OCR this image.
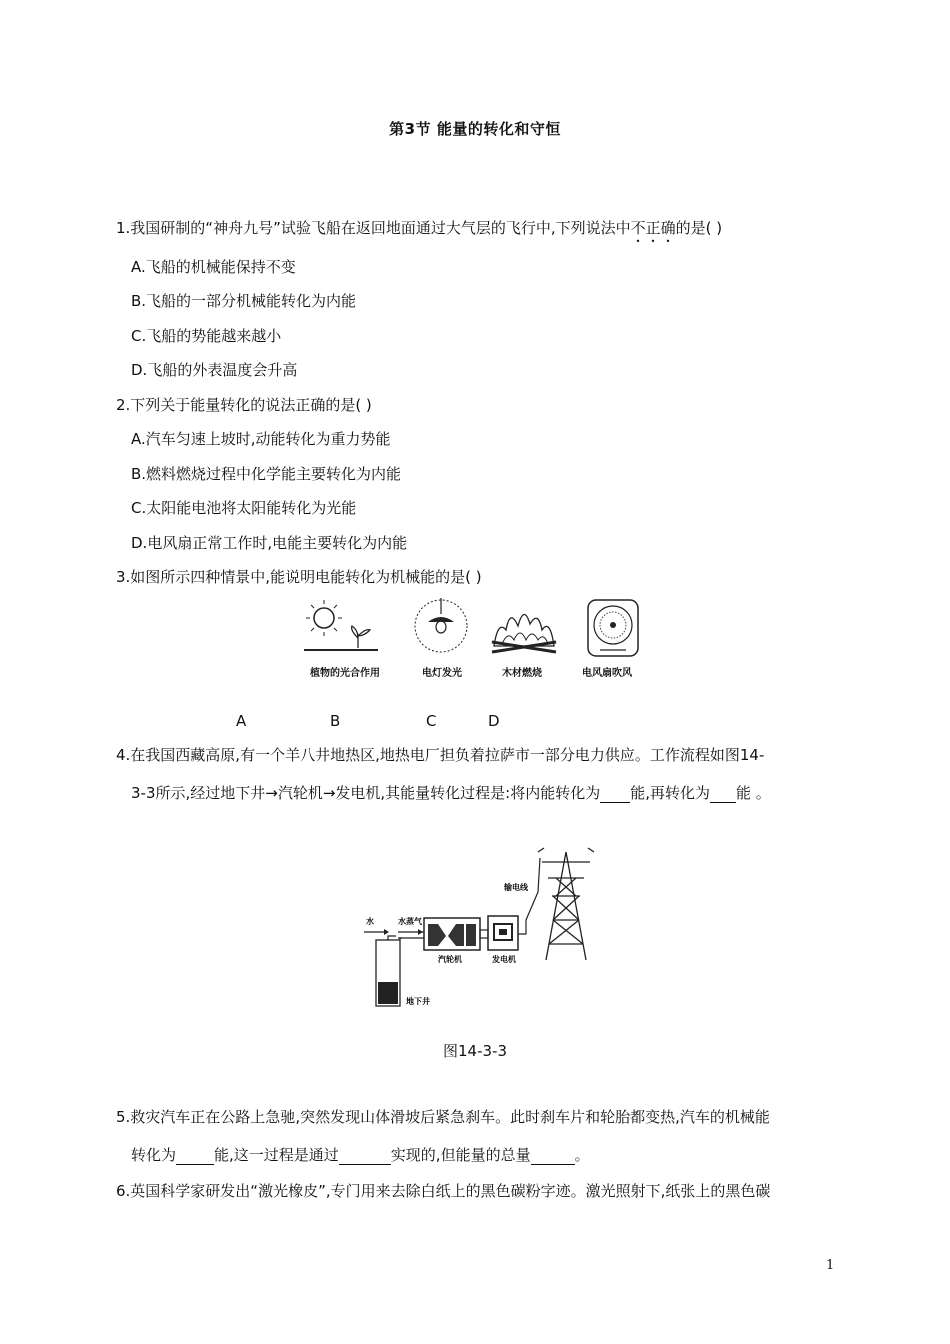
第3节 能量的转化和守恒
1.我国研制的“神舟九号”试验飞船在返回地面通过大气层的飞行中,下列说法中不正确的是( )
A.飞船的机械能保持不变
B.飞船的一部分机械能转化为内能
C.飞船的势能越来越小
D.飞船的外表温度会升高
2.下列关于能量转化的说法正确的是( )
A.汽车匀速上坡时,动能转化为重力势能
B.燃料燃烧过程中化学能主要转化为内能
C.太阳能电池将太阳能转化为光能
D.电风扇正常工作时,电能主要转化为内能
3.如图所示四种情景中,能说明电能转化为机械能的是( )
植物的光合作用	电灯发光	木材燃烧	电风扇吹风
A	B	C	D
4.在我国西藏高原,有一个羊八井地热区,地热电厂担负着拉萨市一部分电力供应。工作流程如图14-
3-3所示,经过地下井→汽轮机→发电机,其能量转化过程是:将内能转化为 能,再转化为 能 。
水
地下井
水蒸气
汽轮机	发电机
输电线
图14-3-3
5.救灾汽车正在公路上急驰,突然发现山体滑坡后紧急刹车。此时刹车片和轮胎都变热,汽车的机械能
转化为	能,这一过程是通过	实现的,但能量的总量	。
6.英国科学家研发出“激光橡皮”,专门用来去除白纸上的黑色碳粉字迹。激光照射下,纸张上的黑色碳
1
